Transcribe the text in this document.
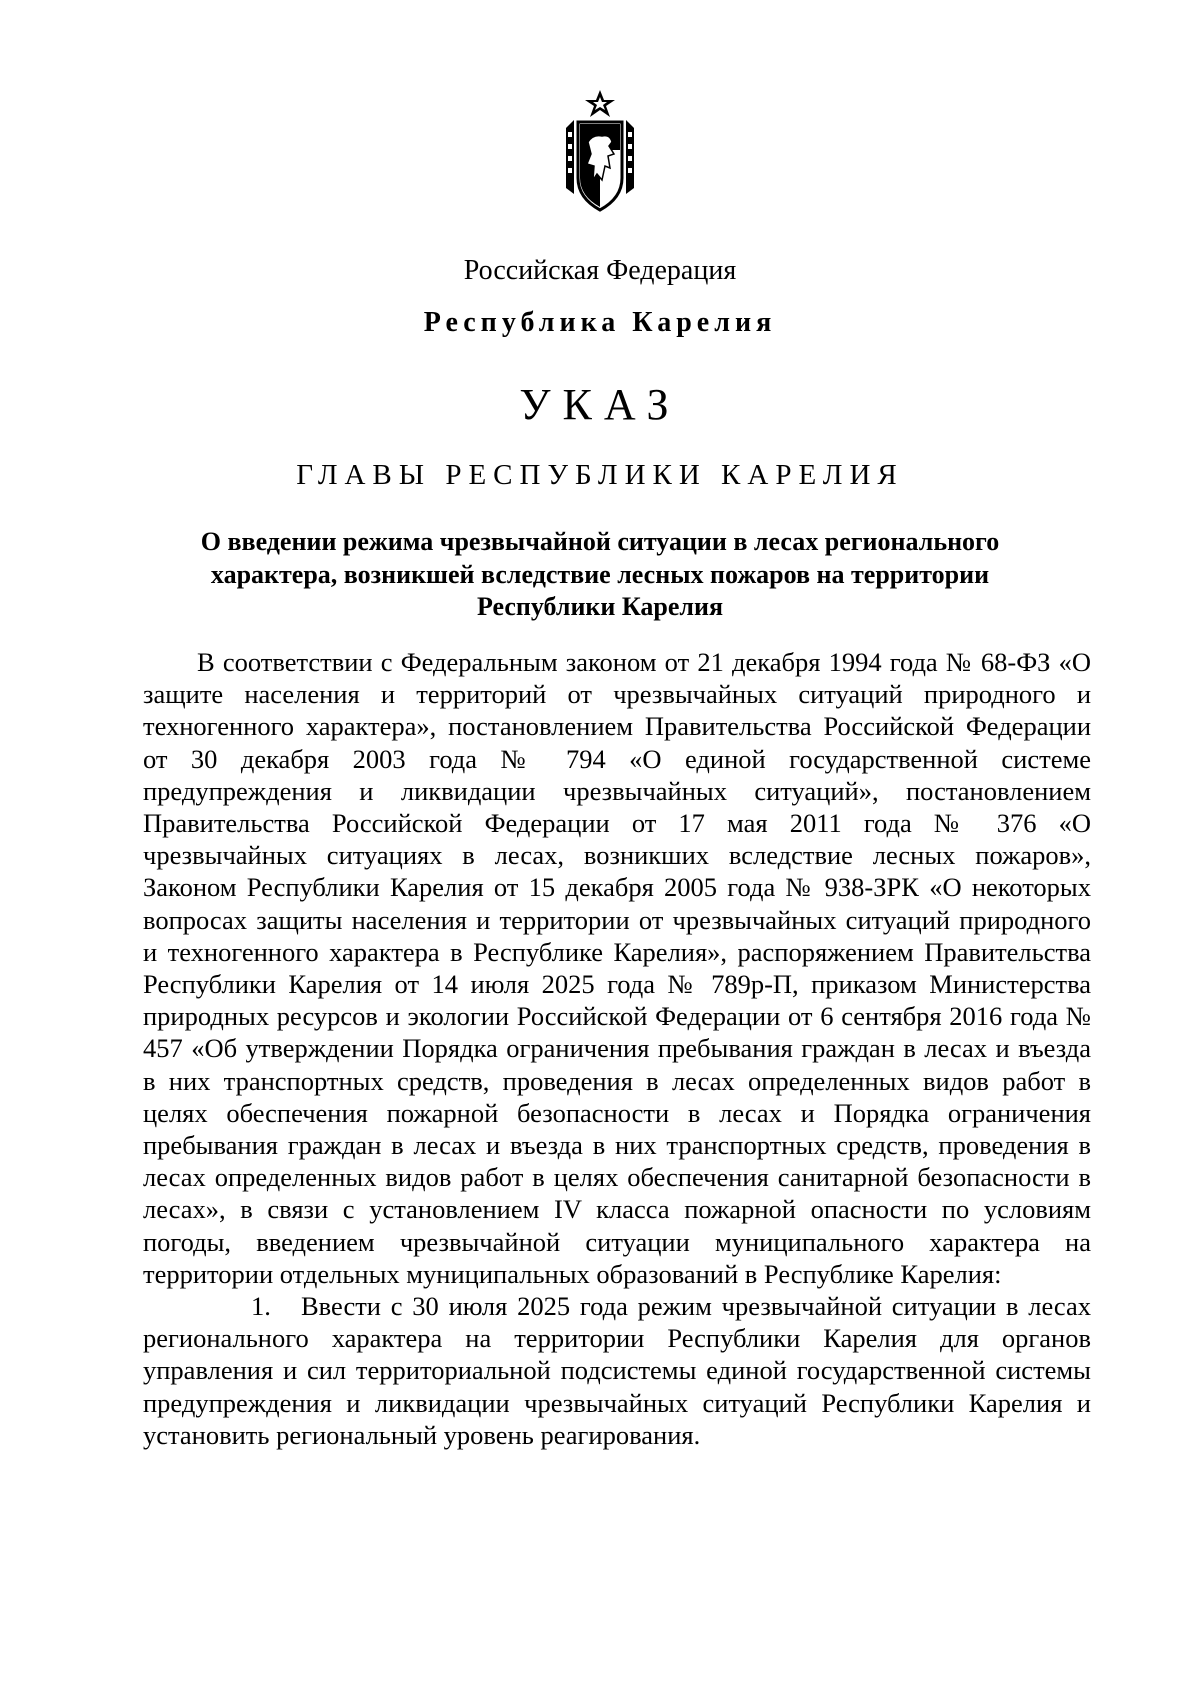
Российская Федерация
Республика Карелия
УКАЗ
ГЛАВЫ РЕСПУБЛИКИ КАРЕЛИЯ
О введении режима чрезвычайной ситуации в лесах регионального
характера, возникшей вследствие лесных пожаров на территории
Республики Карелия

В соответствии с Федеральным законом от 21 декабря 1994 года № 68-ФЗ «О защите населения и территорий от чрезвычайных ситуаций природного и техногенного характера», постановлением Правительства Российской Федерации от 30 декабря 2003 года № 794 «О единой государственной системе предупреждения и ликвидации чрезвычайных ситуаций», постановлением Правительства Российской Федерации от 17 мая 2011 года № 376 «О чрезвычайных ситуациях в лесах, возникших вследствие лесных пожаров», Законом Республики Карелия от 15 декабря 2005 года № 938-ЗРК «О некоторых вопросах защиты населения и территории от чрезвычайных ситуаций природного и техногенного характера в Республике Карелия», распоряжением Правительства Республики Карелия от 14 июля 2025 года № 789р-П, приказом Министерства природных ресурсов и экологии Российской Федерации от 6 сентября 2016 года № 457 «Об утверждении Порядка ограничения пребывания граждан в лесах и въезда в них транспортных средств, проведения в лесах определенных видов работ в целях обеспечения пожарной безопасности в лесах и Порядка ограничения пребывания граждан в лесах и въезда в них транспортных средств, проведения в лесах определенных видов работ в целях обеспечения санитарной безопасности в лесах», в связи с установлением IV класса пожарной опасности по условиям погоды, введением чрезвычайной ситуации муниципального характера на территории отдельных муниципальных образований в Республике Карелия:

1. Ввести с 30 июля 2025 года режим чрезвычайной ситуации в лесах регионального характера на территории Республики Карелия для органов управления и сил территориальной подсистемы единой государственной системы предупреждения и ликвидации чрезвычайных ситуаций Республики Карелия и установить региональный уровень реагирования.
